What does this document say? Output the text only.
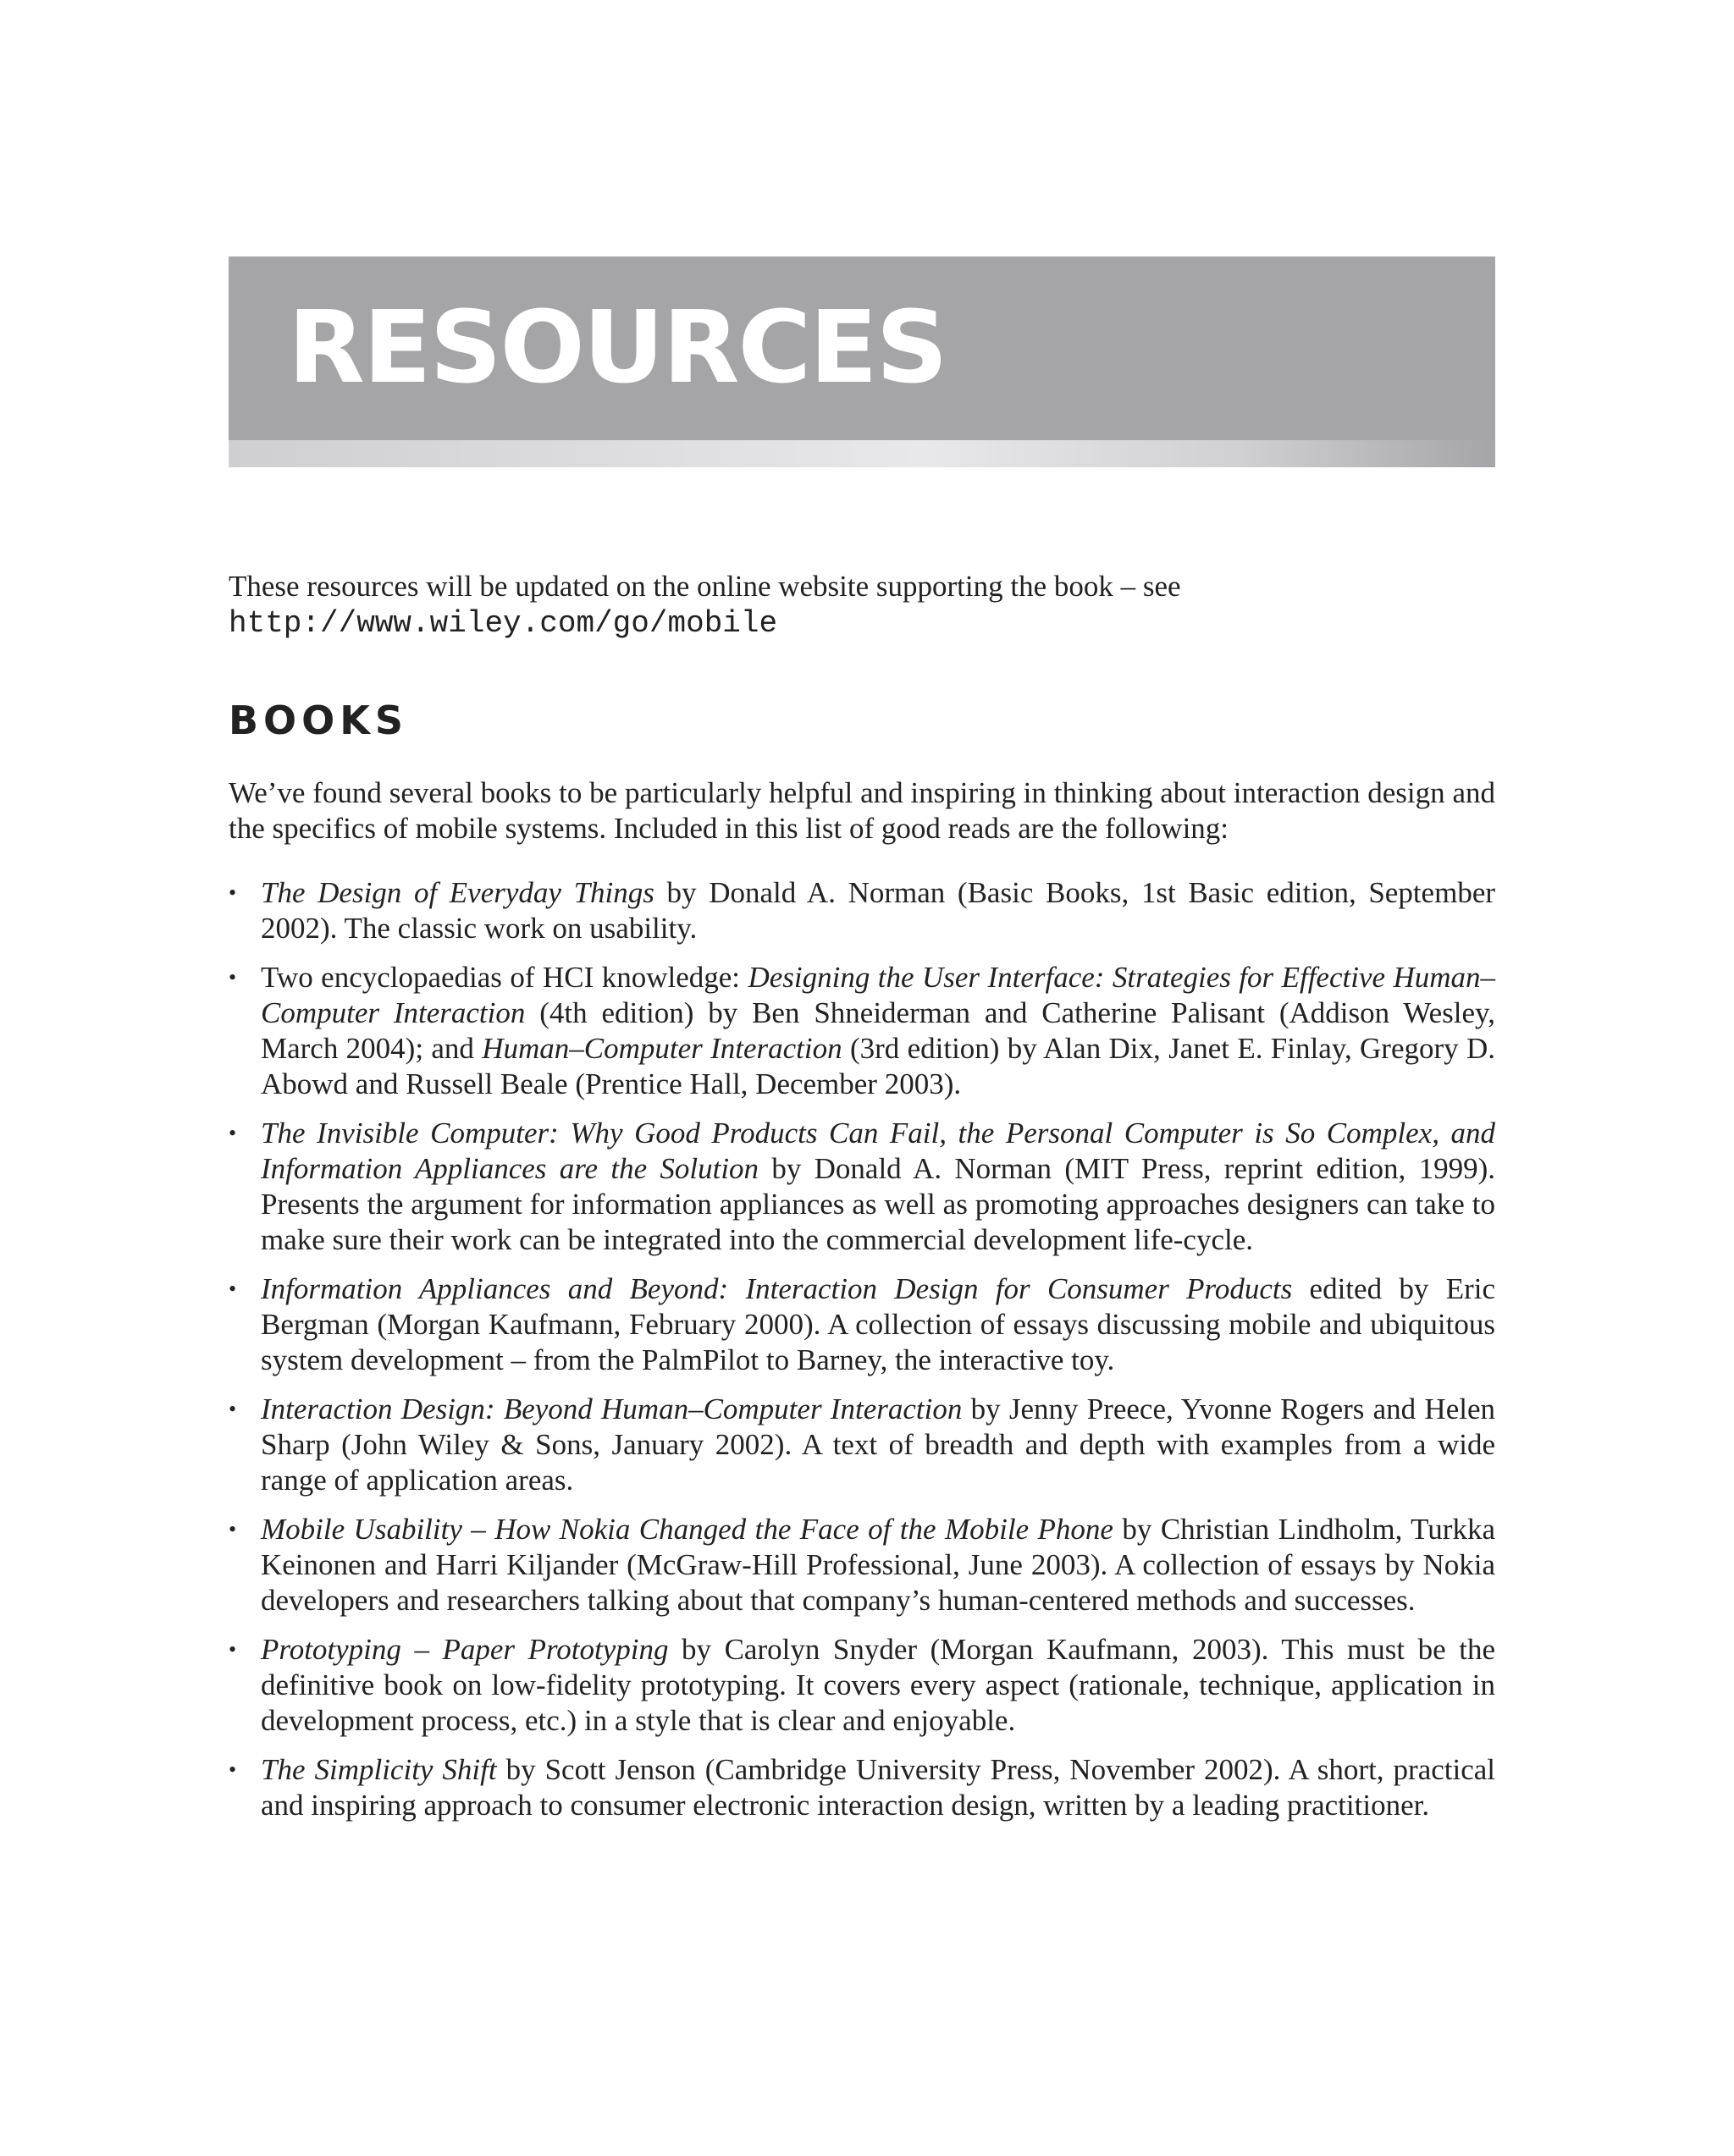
RESOURCES

These resources will be updated on the online website supporting the book – see http://www.wiley.com/go/mobile

BOOKS

We’ve found several books to be particularly helpful and inspiring in thinking about interaction design and the specifics of mobile systems. Included in this list of good reads are the following:

• The Design of Everyday Things by Donald A. Norman (Basic Books, 1st Basic edition, September 2002). The classic work on usability.
• Two encyclopaedias of HCI knowledge: Designing the User Interface: Strategies for Effective Human–Computer Interaction (4th edition) by Ben Shneiderman and Catherine Palisant (Addison Wesley, March 2004); and Human–Computer Interaction (3rd edition) by Alan Dix, Janet E. Finlay, Gregory D. Abowd and Russell Beale (Prentice Hall, December 2003).
• The Invisible Computer: Why Good Products Can Fail, the Personal Computer is So Complex, and Information Appliances are the Solution by Donald A. Norman (MIT Press, reprint edition, 1999). Presents the argument for information appliances as well as promoting approaches designers can take to make sure their work can be integrated into the commercial development life-cycle.
• Information Appliances and Beyond: Interaction Design for Consumer Products edited by Eric Bergman (Morgan Kaufmann, February 2000). A collection of essays discussing mobile and ubiquitous system development – from the PalmPilot to Barney, the interactive toy.
• Interaction Design: Beyond Human–Computer Interaction by Jenny Preece, Yvonne Rogers and Helen Sharp (John Wiley & Sons, January 2002). A text of breadth and depth with examples from a wide range of application areas.
• Mobile Usability – How Nokia Changed the Face of the Mobile Phone by Christian Lindholm, Turkka Keinonen and Harri Kiljander (McGraw-Hill Professional, June 2003). A collection of essays by Nokia developers and researchers talking about that company’s human-centered methods and successes.
• Prototyping – Paper Prototyping by Carolyn Snyder (Morgan Kaufmann, 2003). This must be the definitive book on low-fidelity prototyping. It covers every aspect (rationale, technique, application in development process, etc.) in a style that is clear and enjoyable.
• The Simplicity Shift by Scott Jenson (Cambridge University Press, November 2002). A short, practical and inspiring approach to consumer electronic interaction design, written by a leading practitioner.
